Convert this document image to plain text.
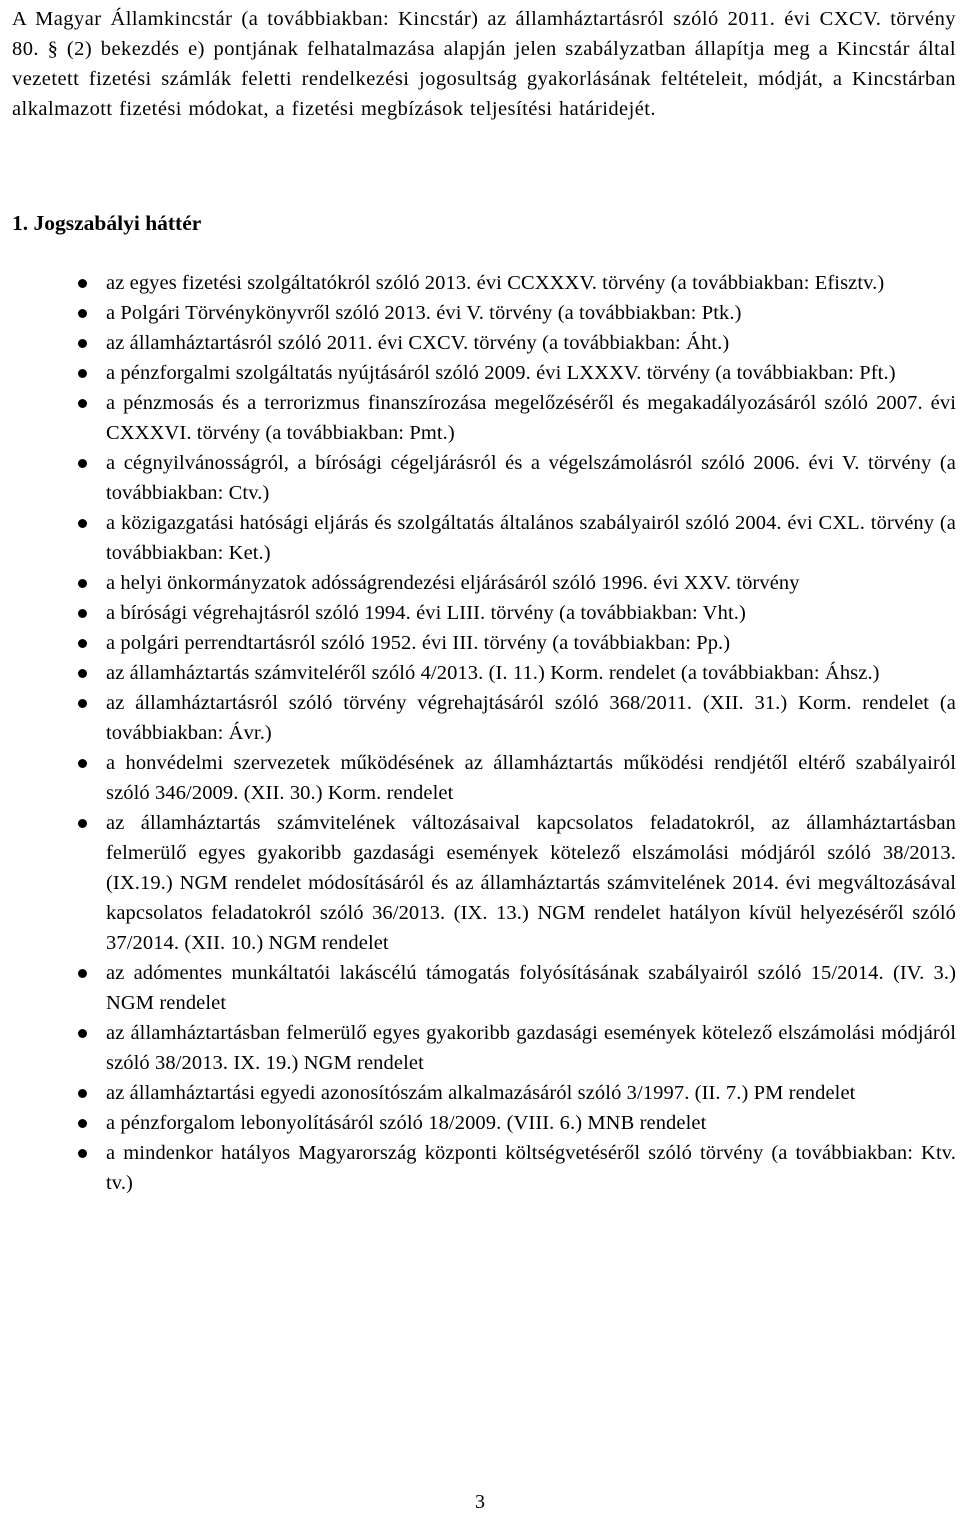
A Magyar Államkincstár (a továbbiakban: Kincstár) az államháztartásról szóló 2011. évi CXCV. törvény 80. § (2) bekezdés e) pontjának felhatalmazása alapján jelen szabályzatban állapítja meg a Kincstár által vezetett fizetési számlák feletti rendelkezési jogosultság gyakorlásának feltételeit, módját, a Kincstárban alkalmazott fizetési módokat, a fizetési megbízások teljesítési határidejét.

1. Jogszabályi háttér
az egyes fizetési szolgáltatókról szóló 2013. évi CCXXXV. törvény (a továbbiakban: Efisztv.)
a Polgári Törvénykönyvről szóló 2013. évi V. törvény (a továbbiakban: Ptk.)
az államháztartásról szóló 2011. évi CXCV. törvény (a továbbiakban: Áht.)
a pénzforgalmi szolgáltatás nyújtásáról szóló 2009. évi LXXXV. törvény (a továbbiakban: Pft.)
a pénzmosás és a terrorizmus finanszírozása megelőzéséről és megakadályozásáról szóló 2007. évi CXXXVI. törvény (a továbbiakban: Pmt.)
a cégnyilvánosságról, a bírósági cégeljárásról és a végelszámolásról szóló 2006. évi V. törvény (a továbbiakban: Ctv.)
a közigazgatási hatósági eljárás és szolgáltatás általános szabályairól szóló 2004. évi CXL. törvény (a továbbiakban: Ket.)
a helyi önkormányzatok adósságrendezési eljárásáról szóló 1996. évi XXV. törvény
a bírósági végrehajtásról szóló 1994. évi LIII. törvény (a továbbiakban: Vht.)
a polgári perrendtartásról szóló 1952. évi III. törvény (a továbbiakban: Pp.)
az államháztartás számviteléről szóló 4/2013. (I. 11.) Korm. rendelet (a továbbiakban: Áhsz.)
az államháztartásról szóló törvény végrehajtásáról szóló 368/2011. (XII. 31.) Korm. rendelet (a továbbiakban: Ávr.)
a honvédelmi szervezetek működésének az államháztartás működési rendjétől eltérő szabályairól szóló 346/2009. (XII. 30.) Korm. rendelet
az államháztartás számvitelének változásaival kapcsolatos feladatokról, az államháztartásban felmerülő egyes gyakoribb gazdasági események kötelező elszámolási módjáról szóló 38/2013. (IX.19.) NGM rendelet módosításáról és az államháztartás számvitelének 2014. évi megváltozásával kapcsolatos feladatokról szóló 36/2013. (IX. 13.) NGM rendelet hatályon kívül helyezéséről szóló 37/2014. (XII. 10.) NGM rendelet
az adómentes munkáltatói lakáscélú támogatás folyósításának szabályairól szóló 15/2014. (IV. 3.) NGM rendelet
az államháztartásban felmerülő egyes gyakoribb gazdasági események kötelező elszámolási módjáról szóló 38/2013. IX. 19.) NGM rendelet
az államháztartási egyedi azonosítószám alkalmazásáról szóló 3/1997. (II. 7.) PM rendelet
a pénzforgalom lebonyolításáról szóló 18/2009. (VIII. 6.) MNB rendelet
a mindenkor hatályos Magyarország központi költségvetéséről szóló törvény (a továbbiakban: Ktv. tv.)

3
